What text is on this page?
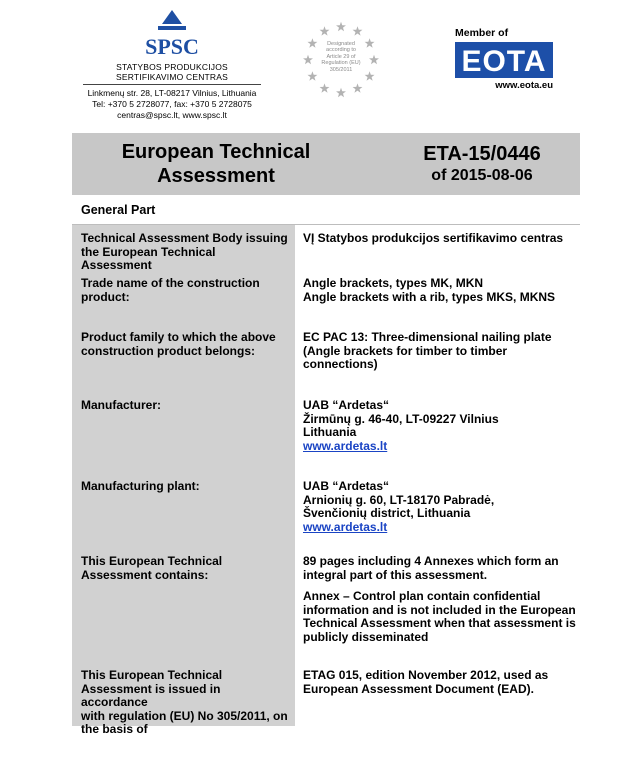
SPSC
STATYBOS PRODUKCIJOS
SERTIFIKAVIMO CENTRAS
Linkmenų str. 28, LT-08217 Vilnius, Lithuania
Tel: +370 5 2728077, fax: +370 5 2728075
centras@spsc.lt, www.spsc.lt
Designated
according to
Article 29 of
Regulation (EU)
305/2011
Member of
EOTA
www.eota.eu
European Technical
Assessment
ETA-15/0446
of 2015-08-06
General Part
Technical Assessment Body issuing
the European Technical Assessment
VĮ Statybos produkcijos sertifikavimo centras
Trade name of the construction
product:
Angle brackets, types MK, MKN
Angle brackets with a rib, types MKS, MKNS
Product family to which the above
construction product belongs:
EC PAC 13: Three-dimensional nailing plate
(Angle brackets for timber to timber
connections)
Manufacturer:	UAB “Ardetas“
Žirmūnų g. 46-40, LT-09227 Vilnius
Lithuania
www.ardetas.lt
Manufacturing plant:	UAB “Ardetas“
Arnionių g. 60, LT-18170 Pabradė,
Švenčionių district, Lithuania
www.ardetas.lt
This European Technical
Assessment contains:
89 pages including 4 Annexes which form an
integral part of this assessment.
Annex – Control plan contain confidential
information and is not included in the European
Technical Assessment when that assessment is
publicly disseminated
This European Technical
Assessment is issued in accordance
with regulation (EU) No 305/2011, on
the basis of
ETAG 015, edition November 2012, used as
European Assessment Document (EAD).
